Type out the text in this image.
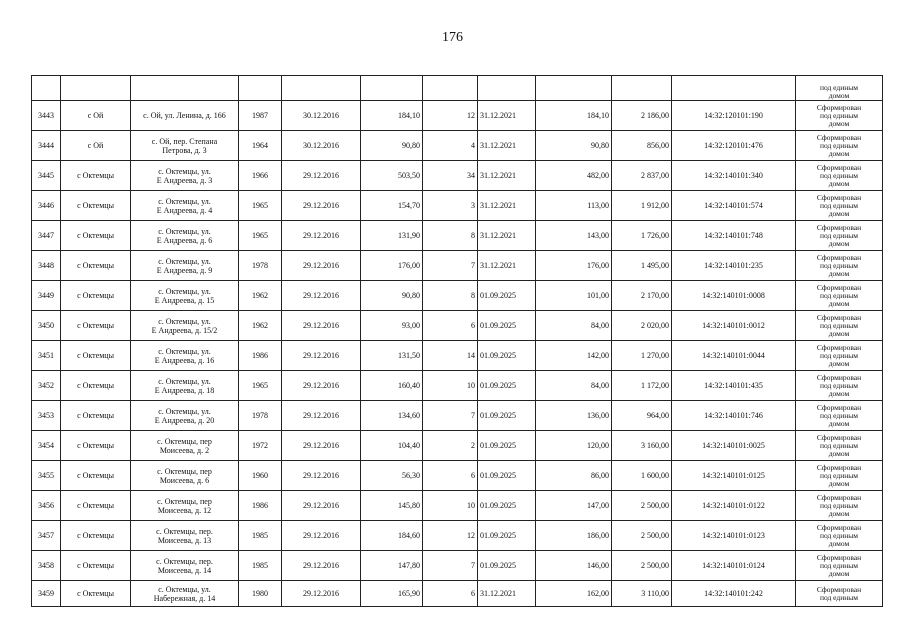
176

											под единым
домом

3443	с Ой	с. Ой, ул. Ленина, д. 166	1987	30.12.2016	184,10	12	31.12.2021	184,10	2 186,00	14:32:120101:190	Сформирован
под единым
домом

3444	с Ой	с. Ой, пер. Степана
Петрова, д. 3	1964	30.12.2016	90,80	4	31.12.2021	90,80	856,00	14:32:120101:476	Сформирован
под единым
домом

3445	с Октемцы	с. Октемцы, ул.
Е Андреева, д. 3	1966	29.12.2016	503,50	34	31.12.2021	482,00	2 837,00	14:32:140101:340	Сформирован
под единым
домом

3446	с Октемцы	с. Октемцы, ул.
Е Андреева, д. 4	1965	29.12.2016	154,70	3	31.12.2021	113,00	1 912,00	14:32:140101:574	Сформирован
под единым
домом

3447	с Октемцы	с. Октемцы, ул.
Е Андреева, д. 6	1965	29.12.2016	131,90	8	31.12.2021	143,00	1 726,00	14:32:140101:748	Сформирован
под единым
домом

3448	с Октемцы	с. Октемцы, ул.
Е Андреева, д. 9	1978	29.12.2016	176,00	7	31.12.2021	176,00	1 495,00	14:32:140101:235	Сформирован
под единым
домом

3449	с Октемцы	с. Октемцы, ул.
Е Андреева, д. 15	1962	29.12.2016	90,80	8	01.09.2025	101,00	2 170,00	14:32:140101:0008	Сформирован
под единым
домом

3450	с Октемцы	с. Октемцы, ул.
Е Андреева, д. 15/2	1962	29.12.2016	93,00	6	01.09.2025	84,00	2 020,00	14:32:140101:0012	Сформирован
под единым
домом

3451	с Октемцы	с. Октемцы, ул.
Е Андреева, д. 16	1986	29.12.2016	131,50	14	01.09.2025	142,00	1 270,00	14:32:140101:0044	Сформирован
под единым
домом

3452	с Октемцы	с. Октемцы, ул.
Е Андреева, д. 18	1965	29.12.2016	160,40	10	01.09.2025	84,00	1 172,00	14:32:140101:435	Сформирован
под единым
домом

3453	с Октемцы	с. Октемцы, ул.
Е Андреева, д. 20	1978	29.12.2016	134,60	7	01.09.2025	136,00	964,00	14:32:140101:746	Сформирован
под единым
домом

3454	с Октемцы	с. Октемцы, пер
Моисеева, д. 2	1972	29.12.2016	104,40	2	01.09.2025	120,00	3 160,00	14:32:140101:0025	Сформирован
под единым
домом

3455	с Октемцы	с. Октемцы, пер
Моисеева, д. 6	1960	29.12.2016	56,30	6	01.09.2025	86,00	1 600,00	14:32:140101:0125	Сформирован
под единым
домом

3456	с Октемцы	с. Октемцы, пер
Моисеева, д. 12	1986	29.12.2016	145,80	10	01.09.2025	147,00	2 500,00	14:32:140101:0122	Сформирован
под единым
домом

3457	с Октемцы	с. Октемцы, пер.
Моисеева, д. 13	1985	29.12.2016	184,60	12	01.09.2025	186,00	2 500,00	14:32:140101:0123	Сформирован
под единым
домом

3458	с Октемцы	с. Октемцы, пер.
Моисеева, д. 14	1985	29.12.2016	147,80	7	01.09.2025	146,00	2 500,00	14:32:140101:0124	Сформирован
под единым
домом

3459	с Октемцы	с. Октемцы, ул.
Набережная, д. 14	1980	29.12.2016	165,90	6	31.12.2021	162,00	3 110,00	14:32:140101:242	Сформирован
под единым
